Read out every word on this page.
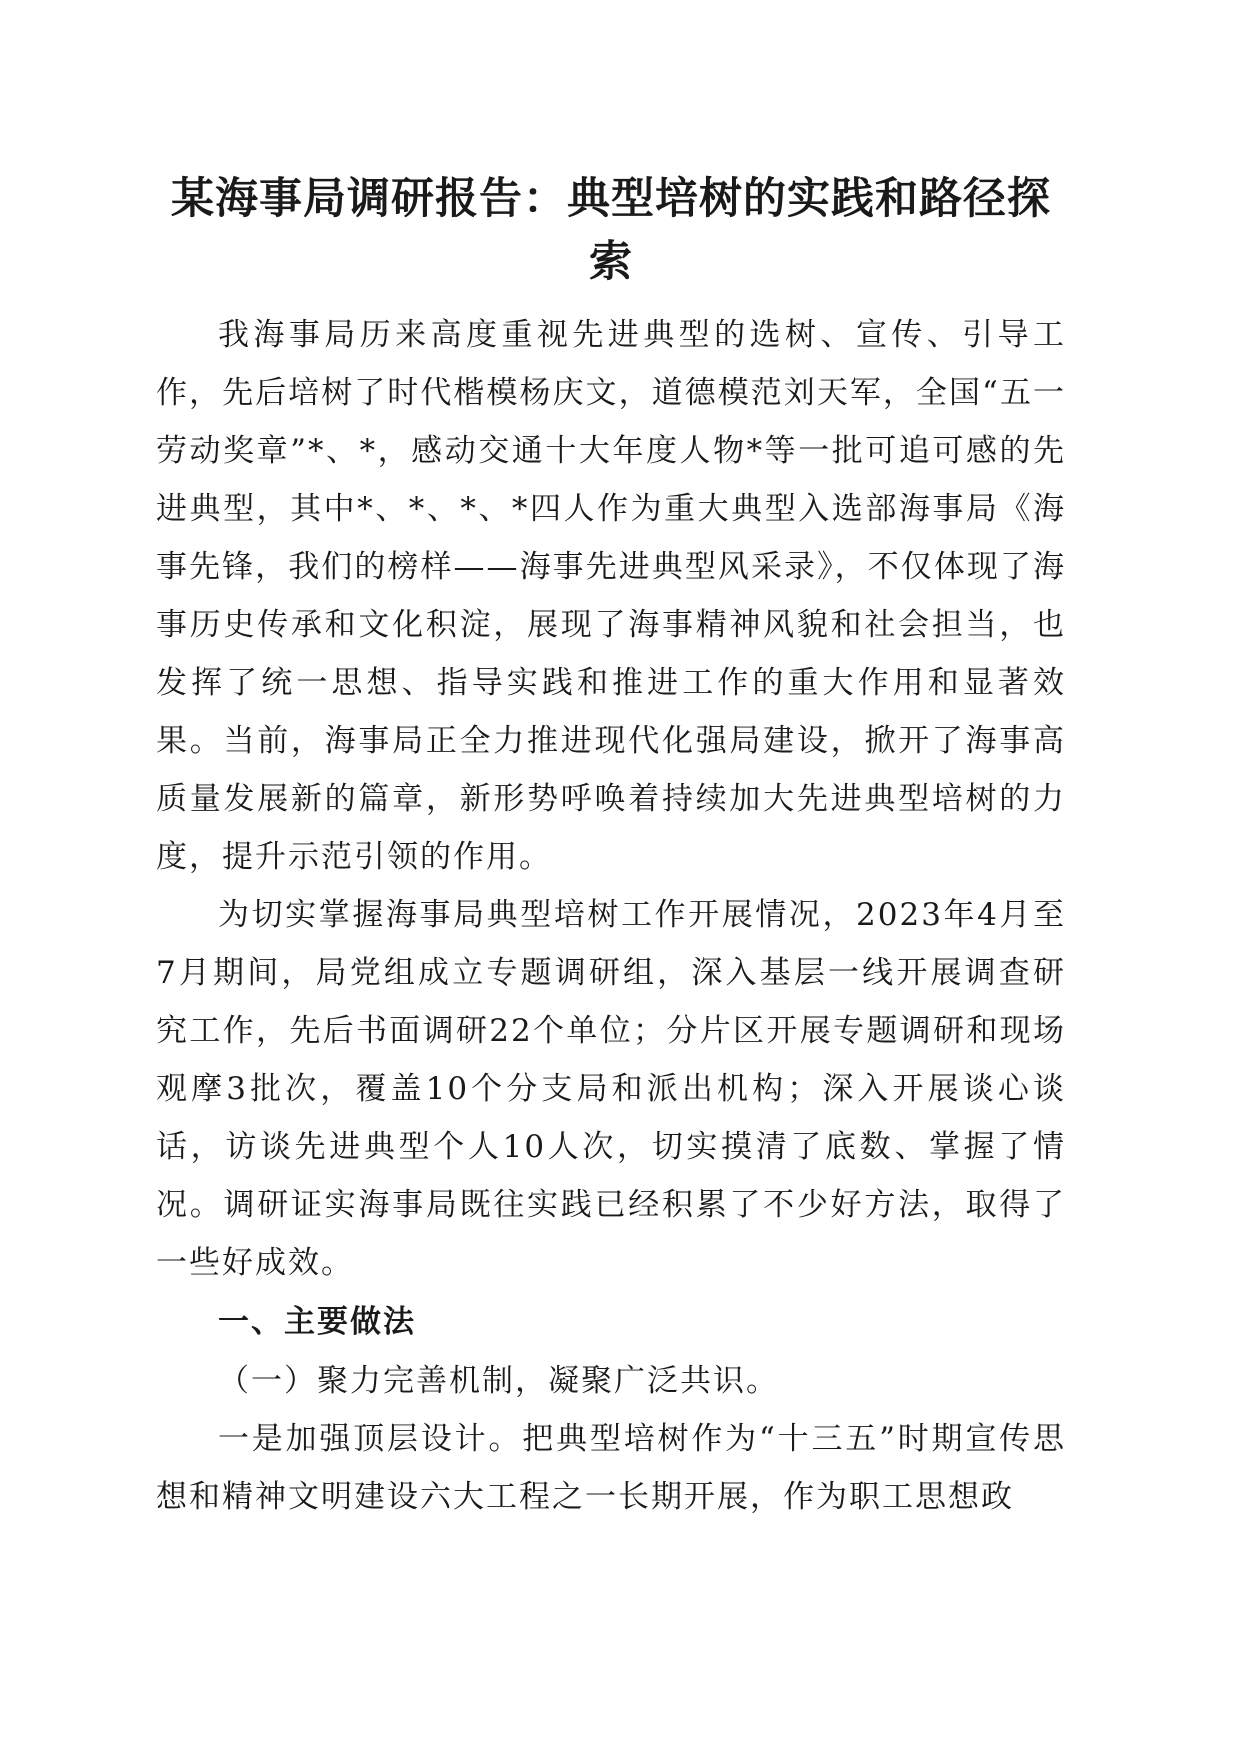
某海事局调研报告：典型培树的实践和路径探索

我海事局历来高度重视先进典型的选树、宣传、引导工作，先后培树了时代楷模杨庆文，道德模范刘天军，全国“五一劳动奖章”*、*，感动交通十大年度人物*等一批可追可感的先进典型，其中*、*、*、*四人作为重大典型入选部海事局《海事先锋，我们的榜样——海事先进典型风采录》，不仅体现了海事历史传承和文化积淀，展现了海事精神风貌和社会担当，也发挥了统一思想、指导实践和推进工作的重大作用和显著效果。当前，海事局正全力推进现代化强局建设，掀开了海事高质量发展新的篇章，新形势呼唤着持续加大先进典型培树的力度，提升示范引领的作用。

为切实掌握海事局典型培树工作开展情况，2023年4月至7月期间，局党组成立专题调研组，深入基层一线开展调查研究工作，先后书面调研22个单位；分片区开展专题调研和现场观摩3批次，覆盖10个分支局和派出机构；深入开展谈心谈话，访谈先进典型个人10人次，切实摸清了底数、掌握了情况。调研证实海事局既往实践已经积累了不少好方法，取得了一些好成效。

一、主要做法

（一）聚力完善机制，凝聚广泛共识。

一是加强顶层设计。把典型培树作为“十三五”时期宣传思想和精神文明建设六大工程之一长期开展，作为职工思想政
